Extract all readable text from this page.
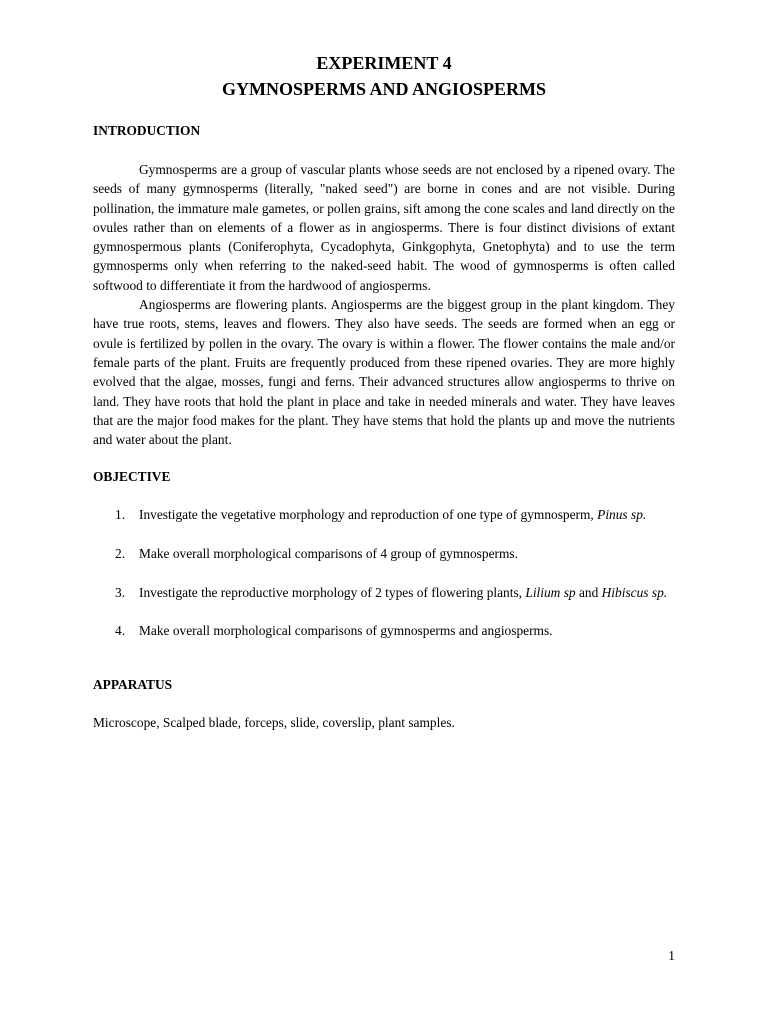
EXPERIMENT 4
GYMNOSPERMS AND ANGIOSPERMS
INTRODUCTION

Gymnosperms are a group of vascular plants whose seeds are not enclosed by a ripened ovary. The seeds of many gymnosperms (literally, "naked seed") are borne in cones and are not visible. During pollination, the immature male gametes, or pollen grains, sift among the cone scales and land directly on the ovules rather than on elements of a flower as in angiosperms. There is four distinct divisions of extant gymnospermous plants (Coniferophyta, Cycadophyta, Ginkgophyta, Gnetophyta) and to use the term gymnosperms only when referring to the naked-seed habit. The wood of gymnosperms is often called softwood to differentiate it from the hardwood of angiosperms.

Angiosperms are flowering plants. Angiosperms are the biggest group in the plant kingdom. They have true roots, stems, leaves and flowers. They also have seeds. The seeds are formed when an egg or ovule is fertilized by pollen in the ovary. The ovary is within a flower. The flower contains the male and/or female parts of the plant. Fruits are frequently produced from these ripened ovaries. They are more highly evolved that the algae, mosses, fungi and ferns. Their advanced structures allow angiosperms to thrive on land. They have roots that hold the plant in place and take in needed minerals and water. They have leaves that are the major food makes for the plant. They have stems that hold the plants up and move the nutrients and water about the plant.

OBJECTIVE
1. Investigate the vegetative morphology and reproduction of one type of gymnosperm, Pinus sp.
2. Make overall morphological comparisons of 4 group of gymnosperms.
3. Investigate the reproductive morphology of 2 types of flowering plants, Lilium sp and Hibiscus sp.
4. Make overall morphological comparisons of gymnosperms and angiosperms.
APPARATUS

Microscope, Scalped blade, forceps, slide, coverslip, plant samples.

1
